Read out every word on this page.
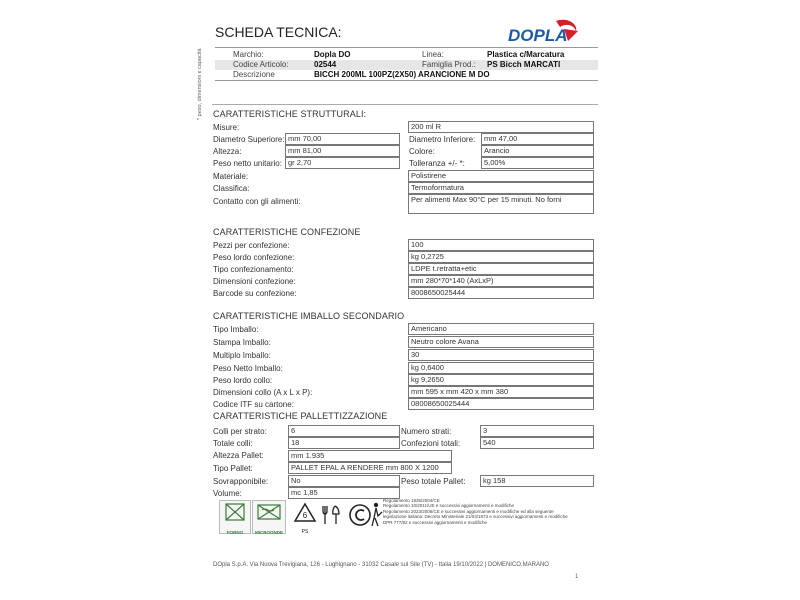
SCHEDA TECNICA:	DOPLA
Marchio:	Dopla DO	Linea:	Plastica c/Marcatura
Codice Articolo:	02544	Famiglia Prod.: PS Bicch MARCATI
Descrizione	BICCH 200ML 100PZ(2X50) ARANCIONE M DO
* peso, dimensioni e capacità CARATTERISTICHE STRUTTURALI:
Misure:	200 ml R
Diametro Superiore: mm 70,00	Diametro Inferiore:	mm 47,00
Altezza:	mm 81,00	Colore:	Arancio
Peso netto unitario: gr 2,70	Tolleranza +/- *:	5,00%
Materiale:	Polistirene
Classifica:	Termoformatura
Contatto con gli alimenti:	Per alimenti Max 90°C per 15 minuti. No forni
CARATTERISTICHE CONFEZIONE
Pezzi per confezione:	100
Peso lordo confezione:	kg 0,2725
Tipo confezionamento:	LDPE t.retratta+etic
Dimensioni confezione:	mm 280*70*140 (AxLxP)
Barcode su confezione:	8008650025444
CARATTERISTICHE IMBALLO SECONDARIO
Tipo Imballo:	Americano
Stampa Imballo:	Neutro colore Avana
Multiplo Imballo:	30
Peso Netto Imballo:	kg 0,6400
Peso lordo collo:	kg 9,2650
Dimensioni collo (A x L x P):	mm 595 x mm 420 x mm 380
Codice ITF su cartone:	08008650025444
CARATTERISTICHE PALLETTIZZAZIONE
Colli per strato:	6	Numero strati:	3
Totale colli:	18	Confezioni totali:	540
Altezza Pallet:	mm 1.935
Tipo Pallet:	PALLET EPAL A RENDERE mm 800 X 1200
Sovrapponibile:	No	Peso totale Pallet:	kg 158
Volume:	mc 1,85
FORNO	MICROONDE
6
PS
Regolamento 1935/2004/CE
Regolamento 10/2011/UE e successivi aggiornamenti e modifiche
Regolamento 2023/2006/CE e successivi aggiornamenti e modifiche ed alla seguente
legislazione italiana: Decreto Ministeriale 21/03/1973 e successivi aggiornamenti e modifiche
DPR 777/82 e successivi aggiornamenti e modifiche
DOpla S.p.A. Via Nuova Trevigiana, 126 - Lughignano - 31032 Casale sul Sile (TV) - Italia 19/10/2022 | DOMENICO.MARANO
1
